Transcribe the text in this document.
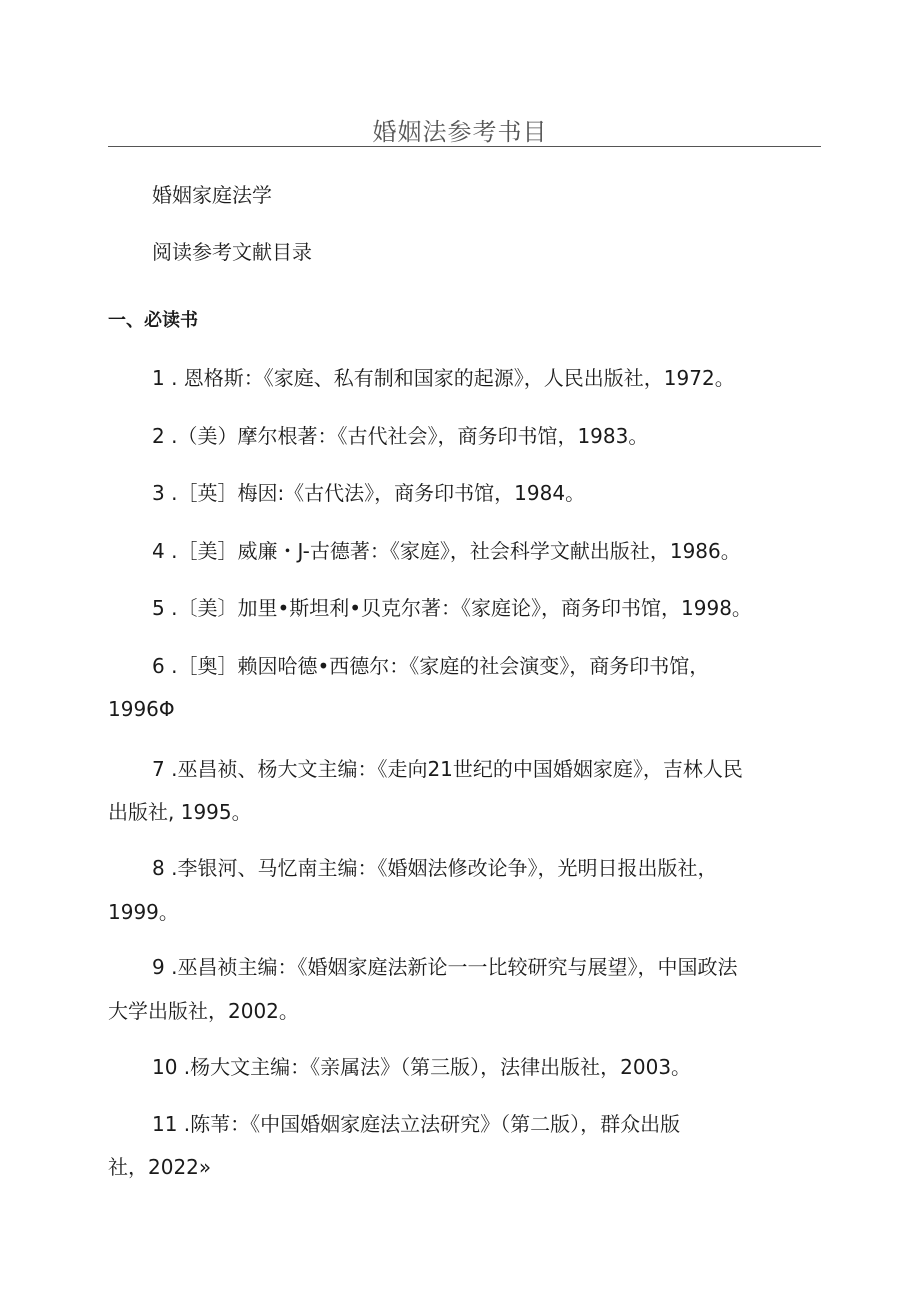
婚姻法参考书目
婚姻家庭法学
阅读参考文献目录
一、必读书
1 . 恩格斯：《家庭、私有制和国家的起源》，人民出版社，1972。
2 .（美）摩尔根著：《古代社会》，商务印书馆，1983。
3 .［英］梅因:《古代法》，商务印书馆，1984。
4 .［美］威廉・J-古德著：《家庭》，社会科学文献出版社，1986。
5 .〔美〕加里•斯坦利•贝克尔著：《家庭论》，商务印书馆，1998。
6 .［奥］赖因哈德•西德尔：《家庭的社会演变》，商务印书馆，
1996Φ
7 .巫昌祯、杨大文主编：《走向21世纪的中国婚姻家庭》，吉林人民
出版社, 1995。
8 .李银河、马忆南主编：《婚姻法修改论争》，光明日报出版社，
1999。
9 .巫昌祯主编：《婚姻家庭法新论一一比较研究与展望》，中国政法
大学出版社，2002。
10 .杨大文主编：《亲属法》（第三版），法律出版社，2003。
11 .陈苇：《中国婚姻家庭法立法研究》（第二版），群众出版
社，2022»
